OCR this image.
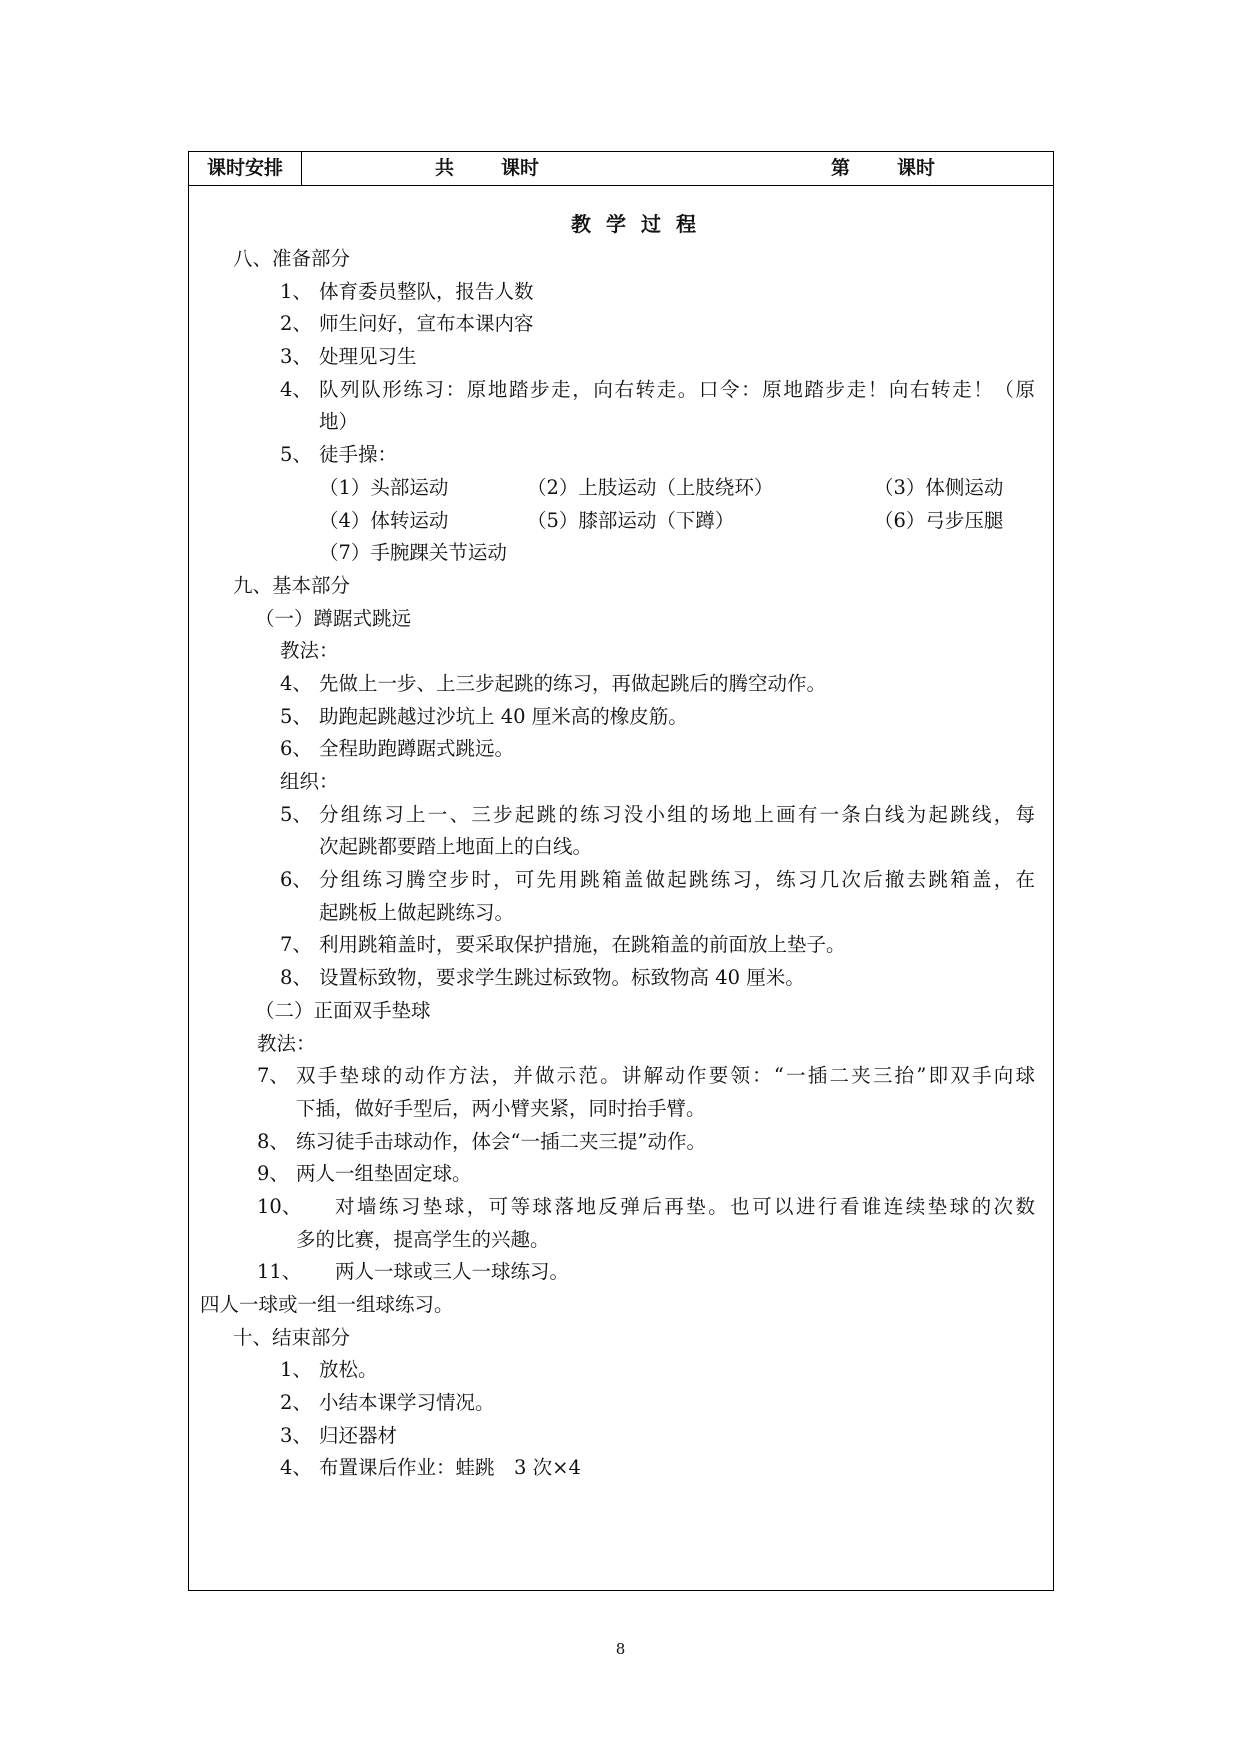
课时安排	共 课时	第 课时
教学过程
八、准备部分
1、 体育委员整队，报告人数
2、 师生问好，宣布本课内容
3、 处理见习生
4、 队列队形练习：原地踏步走，向右转走。口令：原地踏步走！向右转走！（原
地）
5、 徒手操：
（1）头部运动	（2）上肢运动（上肢绕环）	（3）体侧运动
（4）体转运动	（5）膝部运动（下蹲）	（6）弓步压腿
（7）手腕踝关节运动
九、基本部分
（一）蹲踞式跳远
教法：
4、 先做上一步、上三步起跳的练习，再做起跳后的腾空动作。
5、 助跑起跳越过沙坑上 40 厘米高的橡皮筋。
6、 全程助跑蹲踞式跳远。
组织：
5、 分组练习上一、三步起跳的练习没小组的场地上画有一条白线为起跳线，每
次起跳都要踏上地面上的白线。
6、 分组练习腾空步时，可先用跳箱盖做起跳练习，练习几次后撤去跳箱盖，在
起跳板上做起跳练习。
7、 利用跳箱盖时，要采取保护措施，在跳箱盖的前面放上垫子。
8、 设置标致物，要求学生跳过标致物。标致物高 40 厘米。
（二）正面双手垫球
教法：
7、 双手垫球的动作方法，并做示范。讲解动作要领：“一插二夹三抬”即双手向球
下插，做好手型后，两小臂夹紧，同时抬手臂。
8、 练习徒手击球动作，体会“一插二夹三提”动作。
9、 两人一组垫固定球。
10、 对墙练习垫球，可等球落地反弹后再垫。也可以进行看谁连续垫球的次数
多的比赛，提高学生的兴趣。
11、 两人一球或三人一球练习。
四人一球或一组一组球练习。
十、结束部分
1、 放松。
2、 小结本课学习情况。
3、 归还器材
4、 布置课后作业：蛙跳　3 次×4
8
